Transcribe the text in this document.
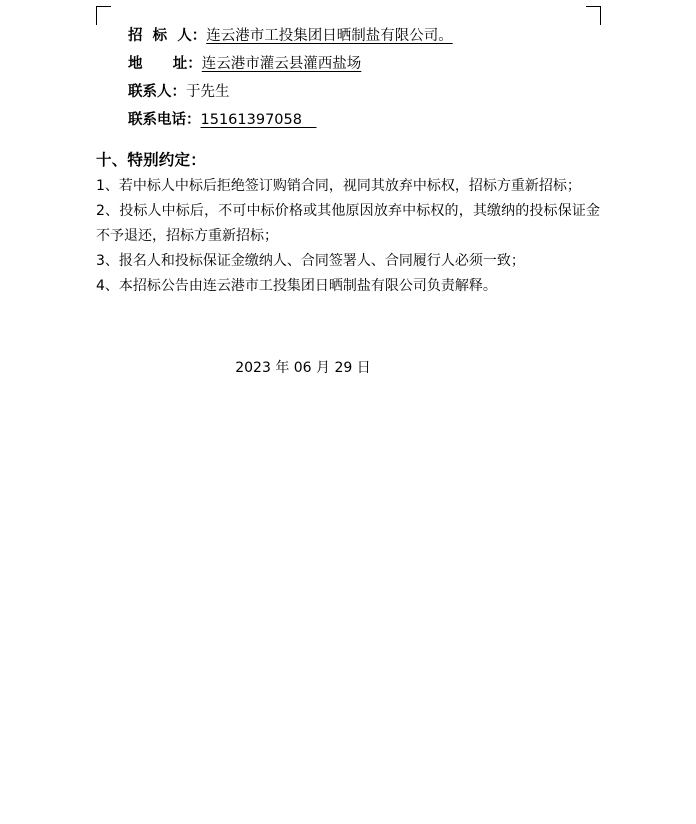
招  标  人： 连云港市工投集团日晒制盐有限公司。
地      址： 连云港市灌云县灌西盐场
联系人： 于先生
联系电话： 15161397058　
十、特别约定：

1、若中标人中标后拒绝签订购销合同，视同其放弃中标权，招标方重新招标；

2、投标人中标后，不可中标价格或其他原因放弃中标权的，其缴纳的投标保证金不予退还，招标方重新招标；

3、报名人和投标保证金缴纳人、合同签署人、合同履行人必须一致；

4、本招标公告由连云港市工投集团日晒制盐有限公司负责解释。

2023 年 06 月 29 日
